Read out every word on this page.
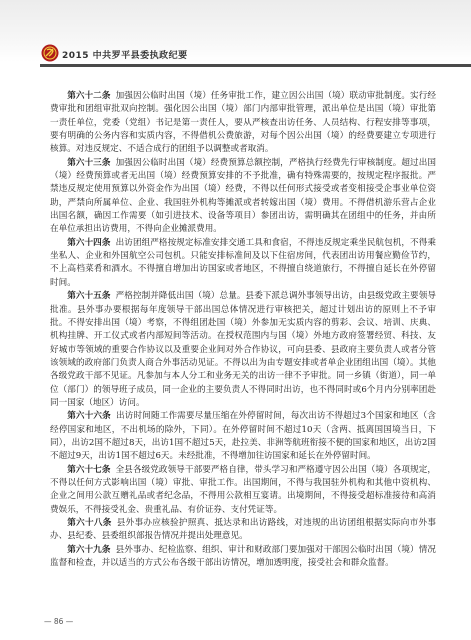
2015 中共罗平县委执政纪要

第六十二条 加强因公临时出国（境）任务审批工作，建立因公出国（境）联动审批制度。实行经费审批和团组审批双向控制。强化因公出国（境）部门内部审批管理，派出单位是出国（境）审批第一责任单位，党委（党组）书记是第一责任人，要从严核查出访任务、人员结构、行程安排等事项，要有明确的公务内容和实质内容，不得借机公费旅游，对每个因公出国（境）的经费要建立专项进行核算。对违反规定、不适合成行的团组予以调整或者取消。

第六十三条 加强因公临时出国（境）经费预算总额控制，严格执行经费先行审核制度。超过出国（境）经费预算或者无出国（境）经费预算安排的不予批准，确有特殊需要的，按规定程序报批。严禁违反规定使用预算以外资金作为出国（境）经费，不得以任何形式接受或者变相接受企事业单位资助，严禁向所属单位、企业、我国驻外机构等摊派或者转嫁出国（境）费用。不得借机游乐营占企业出国名额，确因工作需要（如引进技术、设备等项目）参团出访，需明确其在团组中的任务，并由所在单位承担出访费用，不得向企业摊派费用。

第六十四条 出访团组严格按规定标准安排交通工具和食宿，不得违反规定乘坐民航包机，不得乘坐私人、企业和外国航空公司包机。只能安排标准间及以下住宿房间，代表团出访用餐应勤俭节约，不上高档菜肴和酒水。不得擅自增加出访国家或者地区，不得擅自绕道旅行，不得擅自延长在外停留时间。

第六十五条 严格控制并降低出国（境）总量。县委下派总调外事领导出访，由县级党政主要领导批准。县外事办要根据每年度领导干部出国总体情况进行审核把关，超过计划出访的原则上不予审批。不得安排出国（境）考察，不得组团赴国（境）外参加无实质内容的剪彩、会议、培训、庆典、机构挂牌、开工仪式或者内部短间等活动。在授权范围内与国（境）外地方政府签署经贸、科技、友好城市等领域的重要合作协议以及重要企业间对外合作协议，可向县委、县政府主要负责人或者分管该领域的政府部门负责人商合外事活动见证。不得以出为由专题安排或者单企业团组出国（境）。其他各级党政干部不见证。凡参加与本人分工和业务无关的出访一律不予审批。同一乡镇（街道），同一单位（部门）的领导班子成员，同一企业的主要负责人不得同时出访，也不得同时或6个月内分别率团赴同一国家（地区）访问。

第六十六条 出访时间随工作需要尽量压缩在外停留时间，每次出访不得超过3个国家和地区（含经停国家和地区，不出机场的除外，下同）。在外停留时间不超过10天（含两、抵离国国境当日，下同），出访2国不超过8天，出访1国不超过5天，赴拉美、非洲等航班衔接不便的国家和地区，出访2国不超过9天，出访1国不超过6天。未经批准，不得增加往访国家和延长在外停留时间。

第六十七条 全县各级党政领导干部要严格自律，带头学习和严格遵守因公出国（境）各项规定，不得以任何方式影响出国（境）审批、审批工作。出国期间，不得与我国驻外机构和其他中资机构、企业之间用公款互赠礼品或者纪念品，不得用公款相互宴请。出境期间，不得接受超标准接待和高消费娱乐，不得接受礼金、贵重礼品、有价证券、支付凭证等。

第六十八条 县外事办应核验护照真、抵达录和出访路线，对违规的出访团组根据实际向市外事办、县纪委、县委组织部报告情况并提出处理意见。

第六十九条 县外事办、纪检监察、组织、审计和财政部门要加强对干部因公临时出国（境）情况监督和检查，并以适当的方式公布各级干部出访情况，增加透明度，接受社会和群众监督。

— 86 —
